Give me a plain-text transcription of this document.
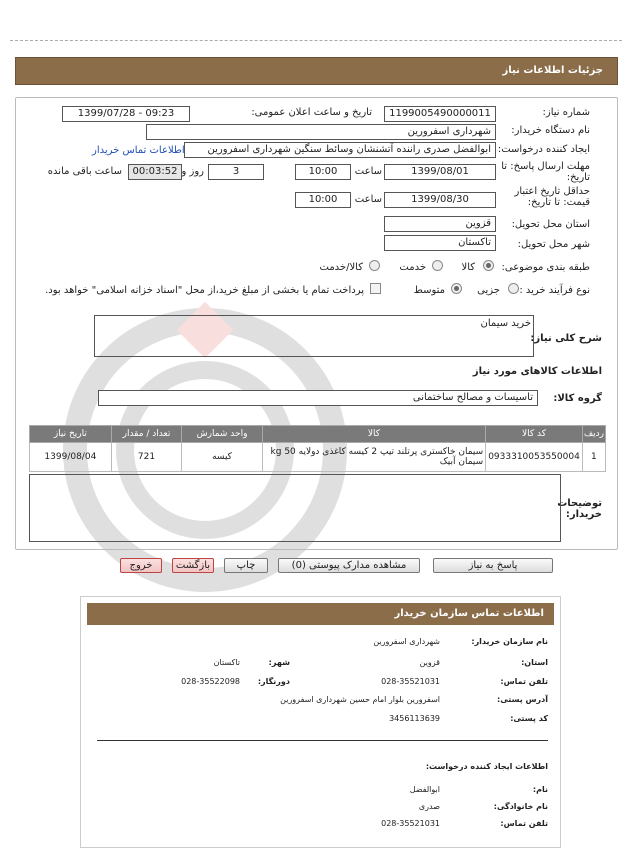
جزئیات اطلاعات نیاز
شماره نیاز:
1199005490000011
تاریخ و ساعت اعلان عمومی:
1399/07/28 - 09:23
نام دستگاه خریدار:
شهرداری اسفرورین
ایجاد کننده درخواست:
ابوالفضل صدری راننده آتشنشان وسائط سنگین شهرداری اسفرورین
اطلاعات تماس خریدار
مهلت ارسال پاسخ: تا تاریخ:
1399/08/01
ساعت
10:00
3
روز و
00:03:52
ساعت باقی مانده
حداقل تاریخ اعتبار قیمت: تا تاریخ:
1399/08/30
ساعت
10:00
استان محل تحویل:
قزوین
شهر محل تحویل:
تاکستان
طبقه بندی موضوعی:
کالا
خدمت
کالا/خدمت
نوع فرآیند خرید :
جزیی
متوسط
پرداخت تمام یا بخشی از مبلغ خرید،از محل "اسناد خزانه اسلامی" خواهد بود.
شرح کلی نیاز:
خرید سیمان
اطلاعات کالاهای مورد نیاز
گروه کالا:
تاسیسات و مصالح ساختمانی
ردیف	کد کالا	کالا	واحد شمارش	تعداد / مقدار	تاریخ نیاز
1	0933310053550004	سیمان خاکستری پرتلند تیپ 2 کیسه کاغذی دولایه 50 kg سیمان آبیک	کیسه	721	1399/08/04
توضیحات خریدار:
پاسخ به نیاز
مشاهده مدارک پیوستی (0)
چاپ
بازگشت
خروج
اطلاعات تماس سازمان خریدار
نام سازمان خریدار:
شهرداری اسفرورین
استان:
قزوین
شهر:
تاکستان
تلفن تماس:
028-35521031
دورنگار:
028-35522098
آدرس پستی:
اسفرورین بلوار امام حسین شهرداری اسفرورین
کد پستی:
3456113639
اطلاعات ایجاد کننده درخواست:
نام:
ابوالفضل
نام خانوادگی:
صدری
تلفن تماس:
028-35521031
